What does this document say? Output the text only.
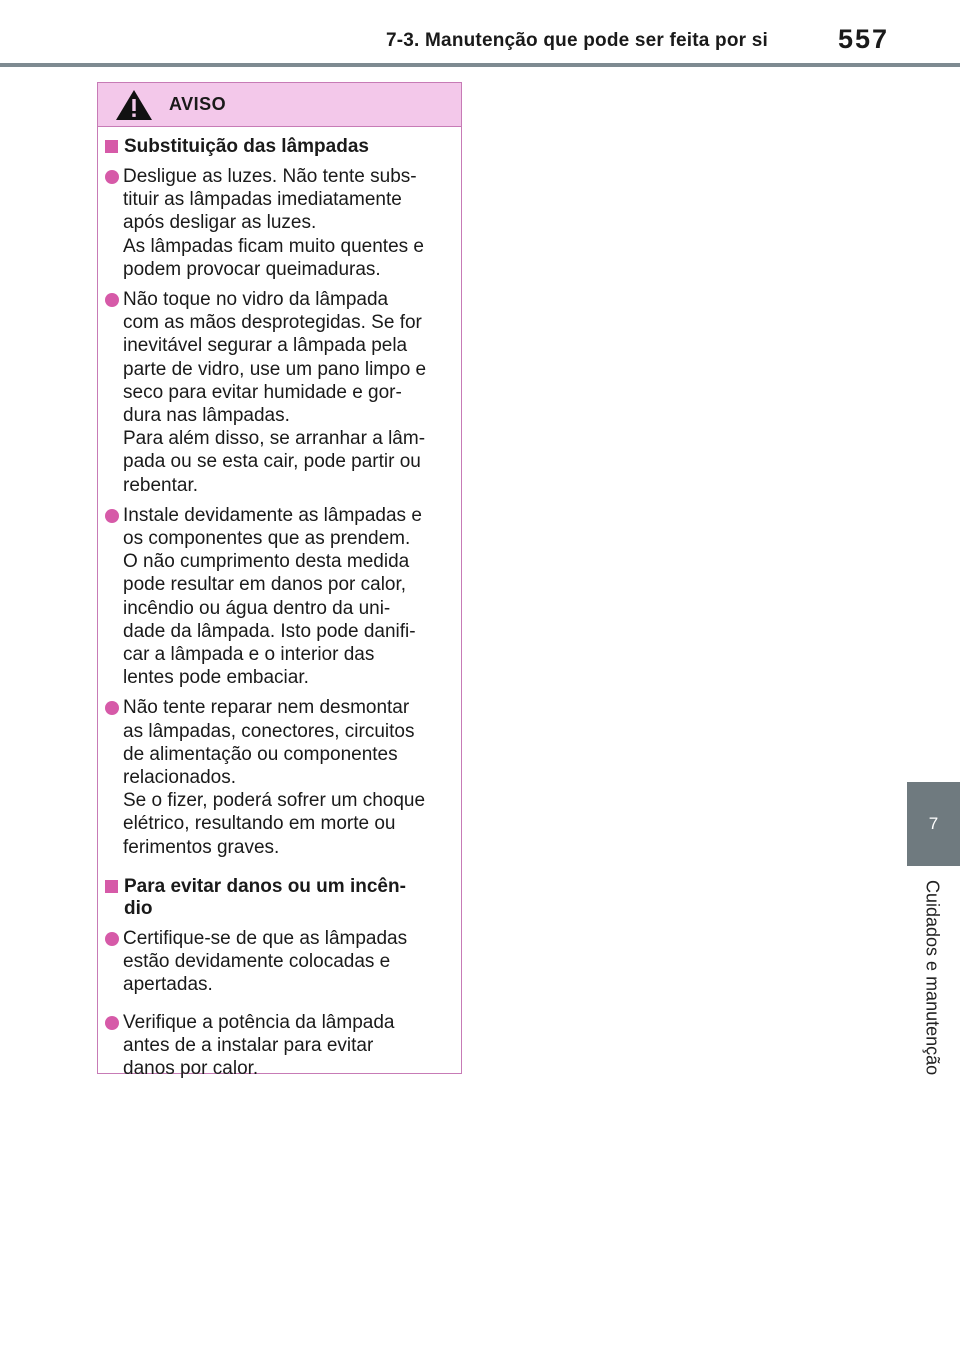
7-3. Manutenção que pode ser feita por si	557
7
Cuidados e manutenção
AVISO
Substituição das lâmpadas
Desligue as luzes. Não tente subs-
tituir as lâmpadas imediatamente
após desligar as luzes.
As lâmpadas ficam muito quentes e
podem provocar queimaduras.
Não toque no vidro da lâmpada
com as mãos desprotegidas. Se for
inevitável segurar a lâmpada pela
parte de vidro, use um pano limpo e
seco para evitar humidade e gor-
dura nas lâmpadas.
Para além disso, se arranhar a lâm-
pada ou se esta cair, pode partir ou
rebentar.
Instale devidamente as lâmpadas e
os componentes que as prendem.
O não cumprimento desta medida
pode resultar em danos por calor,
incêndio ou água dentro da uni-
dade da lâmpada. Isto pode danifi-
car a lâmpada e o interior das
lentes pode embaciar.
Não tente reparar nem desmontar
as lâmpadas, conectores, circuitos
de alimentação ou componentes
relacionados.
Se o fizer, poderá sofrer um choque
elétrico, resultando em morte ou
ferimentos graves.
Para evitar danos ou um incên-
dio
Certifique-se de que as lâmpadas
estão devidamente colocadas e
apertadas.
Verifique a potência da lâmpada
antes de a instalar para evitar
danos por calor.
